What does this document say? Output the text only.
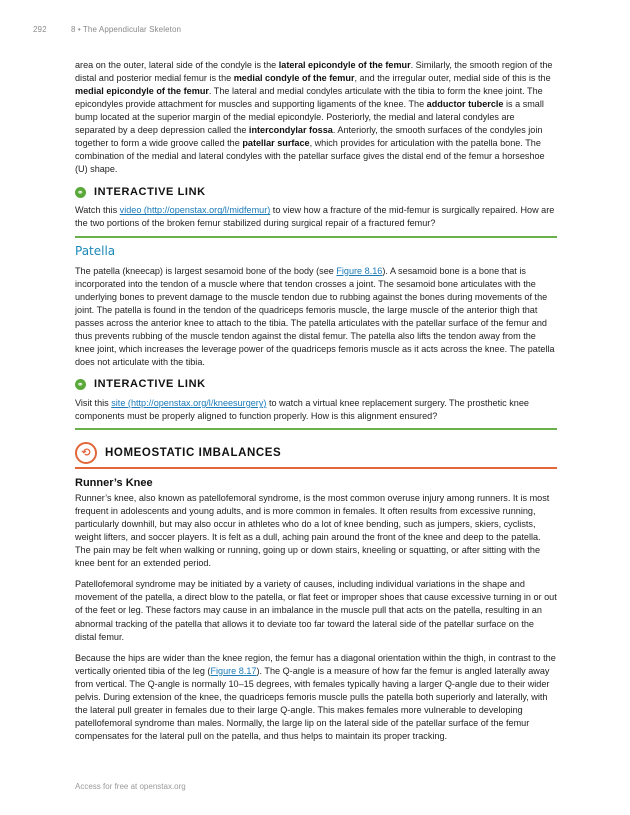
292	8 • The Appendicular Skeleton

area on the outer, lateral side of the condyle is the lateral epicondyle of the femur. Similarly, the smooth region of the distal and posterior medial femur is the medial condyle of the femur, and the irregular outer, medial side of this is the medial epicondyle of the femur. The lateral and medial condyles articulate with the tibia to form the knee joint. The epicondyles provide attachment for muscles and supporting ligaments of the knee. The adductor tubercle is a small bump located at the superior margin of the medial epicondyle. Posteriorly, the medial and lateral condyles are separated by a deep depression called the intercondylar fossa. Anteriorly, the smooth surfaces of the condyles join together to form a wide groove called the patellar surface, which provides for articulation with the patella bone. The combination of the medial and lateral condyles with the patellar surface gives the distal end of the femur a horseshoe (U) shape.

⚭ INTERACTIVE LINK

Watch this video (http://openstax.org/l/midfemur) to view how a fracture of the mid-femur is surgically repaired. How are the two portions of the broken femur stabilized during surgical repair of a fractured femur?

Patella

The patella (kneecap) is largest sesamoid bone of the body (see Figure 8.16). A sesamoid bone is a bone that is incorporated into the tendon of a muscle where that tendon crosses a joint. The sesamoid bone articulates with the underlying bones to prevent damage to the muscle tendon due to rubbing against the bones during movements of the joint. The patella is found in the tendon of the quadriceps femoris muscle, the large muscle of the anterior thigh that passes across the anterior knee to attach to the tibia. The patella articulates with the patellar surface of the femur and thus prevents rubbing of the muscle tendon against the distal femur. The patella also lifts the tendon away from the knee joint, which increases the leverage power of the quadriceps femoris muscle as it acts across the knee. The patella does not articulate with the tibia.

⚭ INTERACTIVE LINK

Visit this site (http://openstax.org/l/kneesurgery) to watch a virtual knee replacement surgery. The prosthetic knee components must be properly aligned to function properly. How is this alignment ensured?

⟲	HOMEOSTATIC IMBALANCES
Runner’s Knee

Runner’s knee, also known as patellofemoral syndrome, is the most common overuse injury among runners. It is most frequent in adolescents and young adults, and is more common in females. It often results from excessive running, particularly downhill, but may also occur in athletes who do a lot of knee bending, such as jumpers, skiers, cyclists, weight lifters, and soccer players. It is felt as a dull, aching pain around the front of the knee and deep to the patella. The pain may be felt when walking or running, going up or down stairs, kneeling or squatting, or after sitting with the knee bent for an extended period.

Patellofemoral syndrome may be initiated by a variety of causes, including individual variations in the shape and movement of the patella, a direct blow to the patella, or flat feet or improper shoes that cause excessive turning in or out of the feet or leg. These factors may cause in an imbalance in the muscle pull that acts on the patella, resulting in an abnormal tracking of the patella that allows it to deviate too far toward the lateral side of the patellar surface on the distal femur.

Because the hips are wider than the knee region, the femur has a diagonal orientation within the thigh, in contrast to the vertically oriented tibia of the leg (Figure 8.17). The Q-angle is a measure of how far the femur is angled laterally away from vertical. The Q-angle is normally 10–15 degrees, with females typically having a larger Q-angle due to their wider pelvis. During extension of the knee, the quadriceps femoris muscle pulls the patella both superiorly and laterally, with the lateral pull greater in females due to their large Q-angle. This makes females more vulnerable to developing patellofemoral syndrome than males. Normally, the large lip on the lateral side of the patellar surface of the femur compensates for the lateral pull on the patella, and thus helps to maintain its proper tracking.

Access for free at openstax.org
